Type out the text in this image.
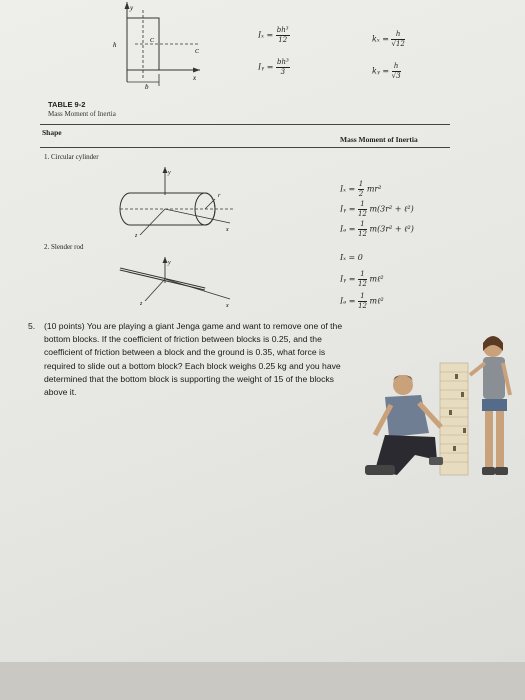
y
h	C
C
x
b
$I_x = \frac{\text{bh³}}{12}$
Iᵧ = $\frac{\text{bh³}}{3}$
$k_x = \frac{h}{√12}$
kᵧ = $\frac{h}{√3}$
TABLE 9-2
Mass Moment of Inertia
Shape
Mass Moment of Inertia
1. Circular cylinder
y
r
z
x
$I_x = \frac{1}{2} mr^2$
Iᵧ = $\frac{1}{12} m(3r^2$ + ℓ²)
Iₔ = $\frac{1}{12} m(3r^2$ + ℓ²)
2. Slender rod
y
z	x
Iₓ = 0
Iᵧ = $\frac{1}{12}$ mℓ²
Iₔ = $\frac{1}{12}$ mℓ²
5. (10 points) You are playing a giant Jenga game and want to remove one of the bottom blocks. If the coefficient of friction between blocks is 0.25, and the coefficient of friction between a block and the ground is 0.35, what force is required to slide out a bottom block? Each block weighs 0.25 kg and you have determined that the bottom block is supporting the weight of 15 of the blocks above it.
